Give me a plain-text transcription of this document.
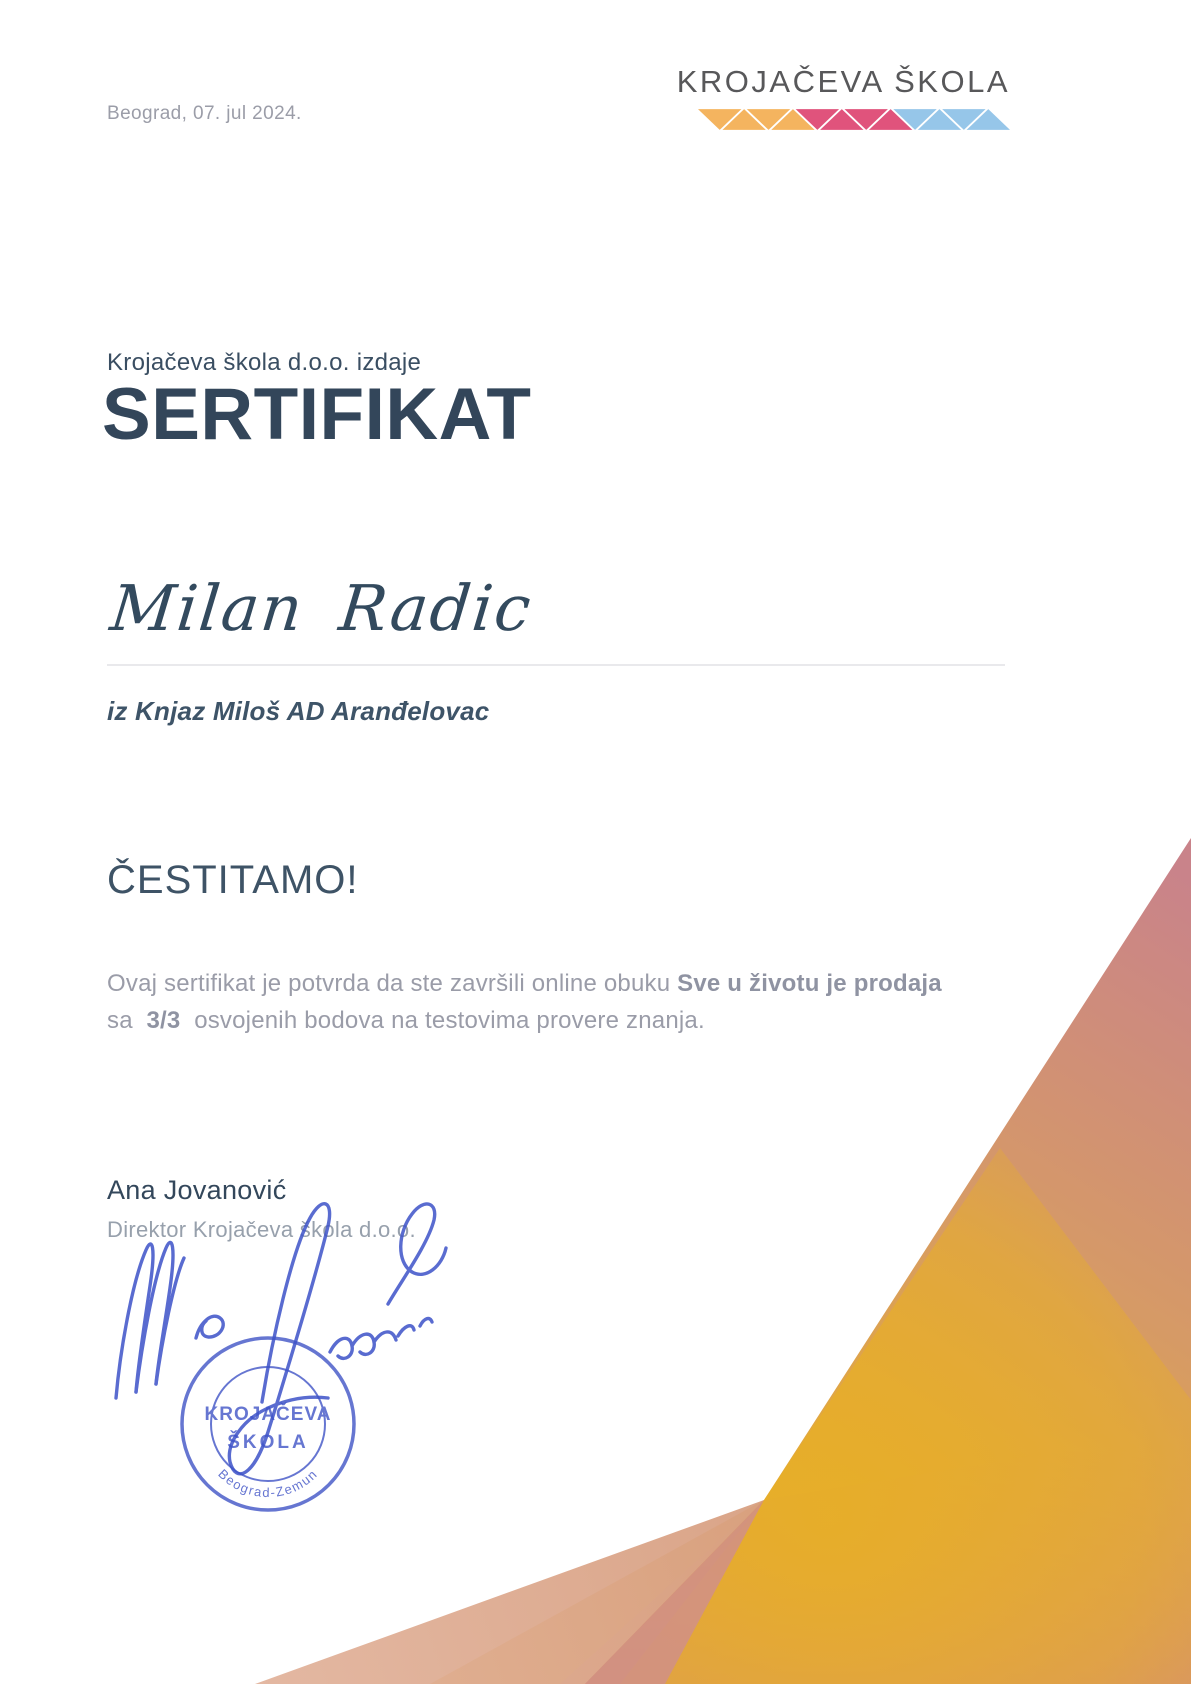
Beograd, 07. jul 2024.
KROJAČEVA ŠKOLA
Krojačeva škola d.o.o. izdaje
SERTIFIKAT
Milan Radic
iz Knjaz Miloš AD Aranđelovac
ČESTITAMO!

Ovaj sertifikat je potvrda da ste završili online obuku Sve u životu je prodaja sa  3/3  osvojenih bodova na testovima provere znanja.

Ana Jovanović
Direktor Krojačeva škola d.o.o.
KROJAČEVA
ŠKOLA
Beograd-Zemun
